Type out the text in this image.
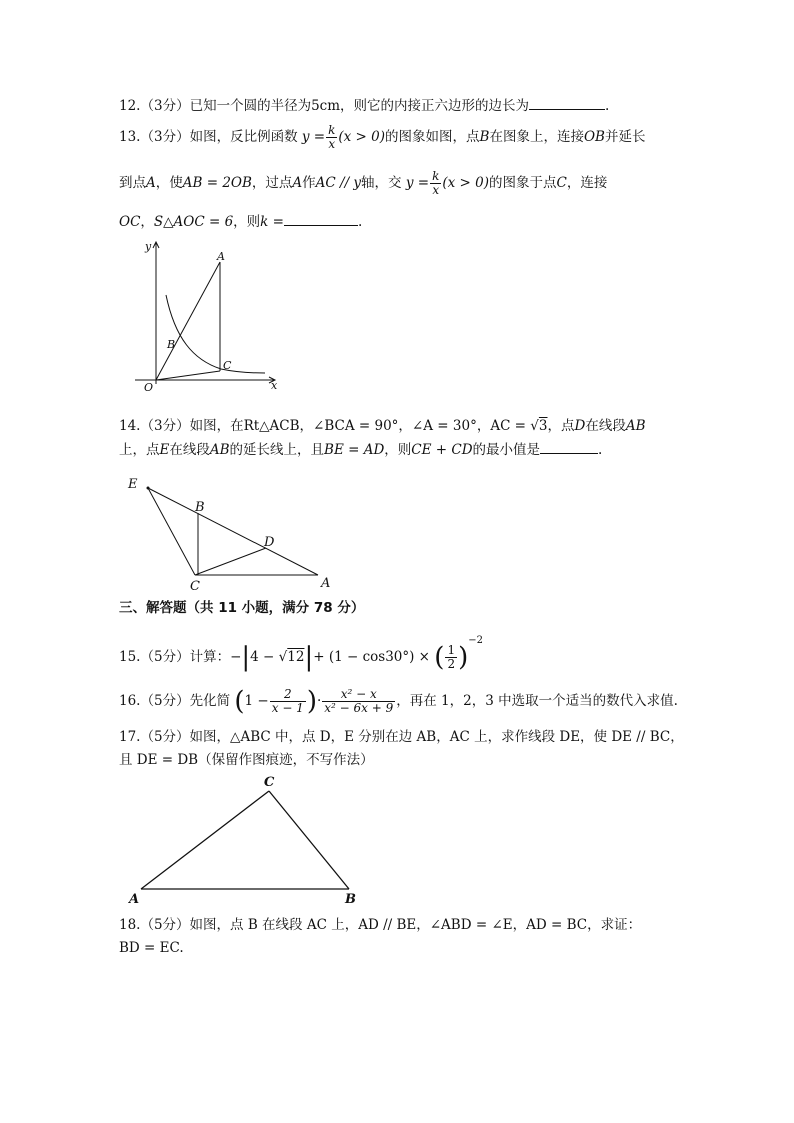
12.（3分）已知一个圆的半径为5cm，则它的内接正六边形的边长为	.
13.（3分）如图，反比例函数 $y = \frac{k}{x} (x > 0)$的图象如图，点B在图象上，连接OB并延长
到点A，使AB = 2OB，过点A作AC // y轴，交 $y = \frac{k}{x} (x > 0)$的图象于点C，连接
OC，S△AOC = 6，则k =	.
y
x
O
A
B
C
14.（3分）如图，在Rt△ACB，∠BCA = 90°，∠A = 30°，AC = √3，点D在线段AB
上，点E在线段AB的延长线上，且BE = AD，则CE + CD的最小值是	.
E
B
D
C	A
三、解答题（共 11 小题，满分 78 分）
15.（5分）计算：−|4 − √12|+ (1 − cos30°) × ( $\frac{1}{2} )^{-2}$
16.（5分）先化简 ($1 - \frac{2}{x - 1}$ )· $\frac{\text{x² − x}}{\text{x² − 6x + 9}}$ ，再在 1，2，3 中选取一个适当的数代入求值.
17.（5分）如图，△ABC 中，点 D，E 分别在边 AB，AC 上，求作线段 DE，使 DE // BC，
且 DE = DB（保留作图痕迹，不写作法）
A	B
C
18.（5分）如图，点 B 在线段 AC 上，AD // BE，∠ABD = ∠E，AD = BC，求证：
BD = EC.
